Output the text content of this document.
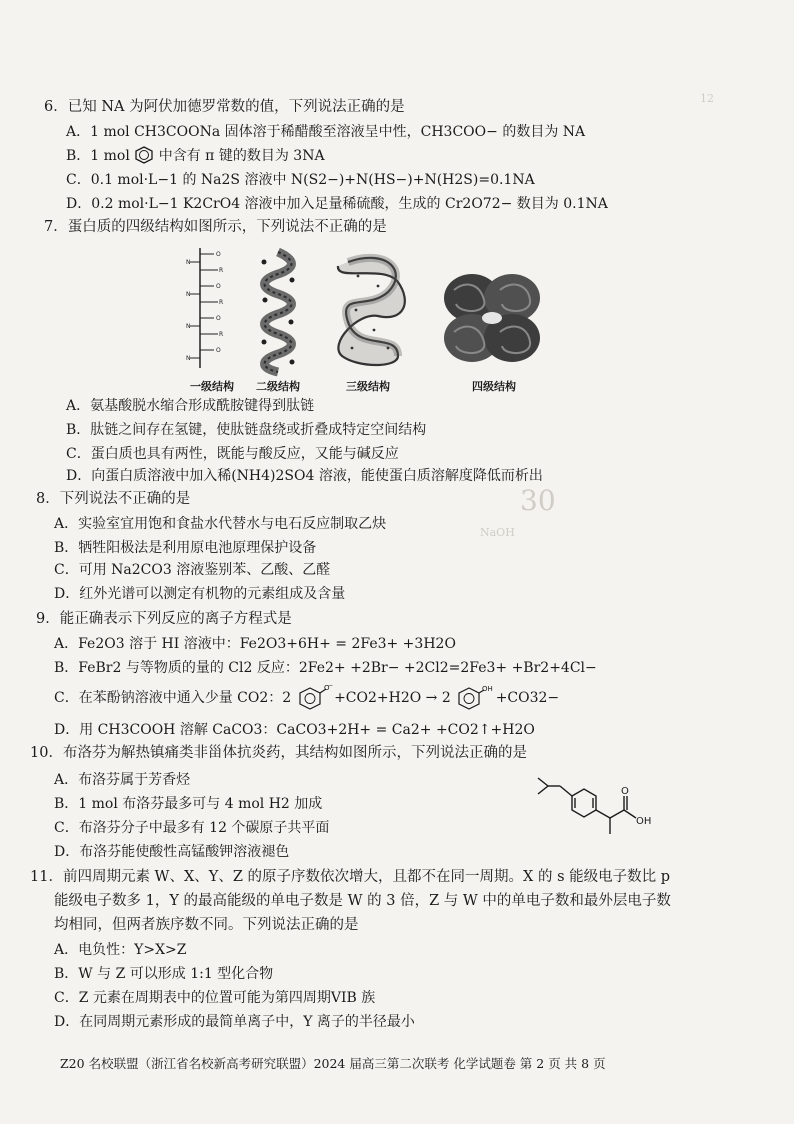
12
30
NaOH
6．已知 NA 为阿伏加德罗常数的值，下列说法正确的是
A．1 mol CH3COONa 固体溶于稀醋酸至溶液呈中性，CH3COO− 的数目为 NA
B．1 mol 中含有 π 键的数目为 3NA
C．0.1 mol·L−1 的 Na2S 溶液中 N(S2−)+N(HS−)+N(H2S)=0.1NA
D．0.2 mol·L−1 K2CrO4 溶液中加入足量稀硫酸，生成的 Cr2O72− 数目为 0.1NA
7．蛋白质的四级结构如图所示，下列说法不正确的是
O
R
O
R
O
R
O
N
N
N
N
一级结构 二级结构	三级结构	四级结构
A．氨基酸脱水缩合形成酰胺键得到肽链
B．肽链之间存在氢键，使肽链盘绕或折叠成特定空间结构
C．蛋白质也具有两性，既能与酸反应，又能与碱反应
D．向蛋白质溶液中加入稀(NH4)2SO4 溶液，能使蛋白质溶解度降低而析出
8．下列说法不正确的是
A．实验室宜用饱和食盐水代替水与电石反应制取乙炔
B．牺牲阳极法是利用原电池原理保护设备
C．可用 Na2CO3 溶液鉴别苯、乙酸、乙醛
D．红外光谱可以测定有机物的元素组成及含量
9．能正确表示下列反应的离子方程式是
A．Fe2O3 溶于 HI 溶液中：Fe2O3+6H+ = 2Fe3+ +3H2O
B．FeBr2 与等物质的量的 Cl2 反应：2Fe2+ +2Br− +2Cl2=2Fe3+ +Br2+4Cl−
C．在苯酚钠溶液中通入少量 CO2：2
O
−
+CO2+H2O → 2
OH
+CO32−
D．用 CH3COOH 溶解 CaCO3：CaCO3+2H+ = Ca2+ +CO2↑+H2O
10．布洛芬为解热镇痛类非甾体抗炎药，其结构如图所示，下列说法正确的是
A．布洛芬属于芳香烃
B．1 mol 布洛芬最多可与 4 mol H2 加成
C．布洛芬分子中最多有 12 个碳原子共平面
D．布洛芬能使酸性高锰酸钾溶液褪色
O
OH
11．前四周期元素 W、X、Y、Z 的原子序数依次增大，且都不在同一周期。X 的 s 能级电子数比 p
能级电子数多 1，Y 的最高能级的单电子数是 W 的 3 倍，Z 与 W 中的单电子数和最外层电子数
均相同，但两者族序数不同。下列说法正确的是
A．电负性：Y>X>Z
B．W 与 Z 可以形成 1:1 型化合物
C．Z 元素在周期表中的位置可能为第四周期VIB 族
D．在同周期元素形成的最简单离子中，Y 离子的半径最小
Z20 名校联盟（浙江省名校新高考研究联盟）2024 届高三第二次联考 化学试题卷 第 2 页 共 8 页
